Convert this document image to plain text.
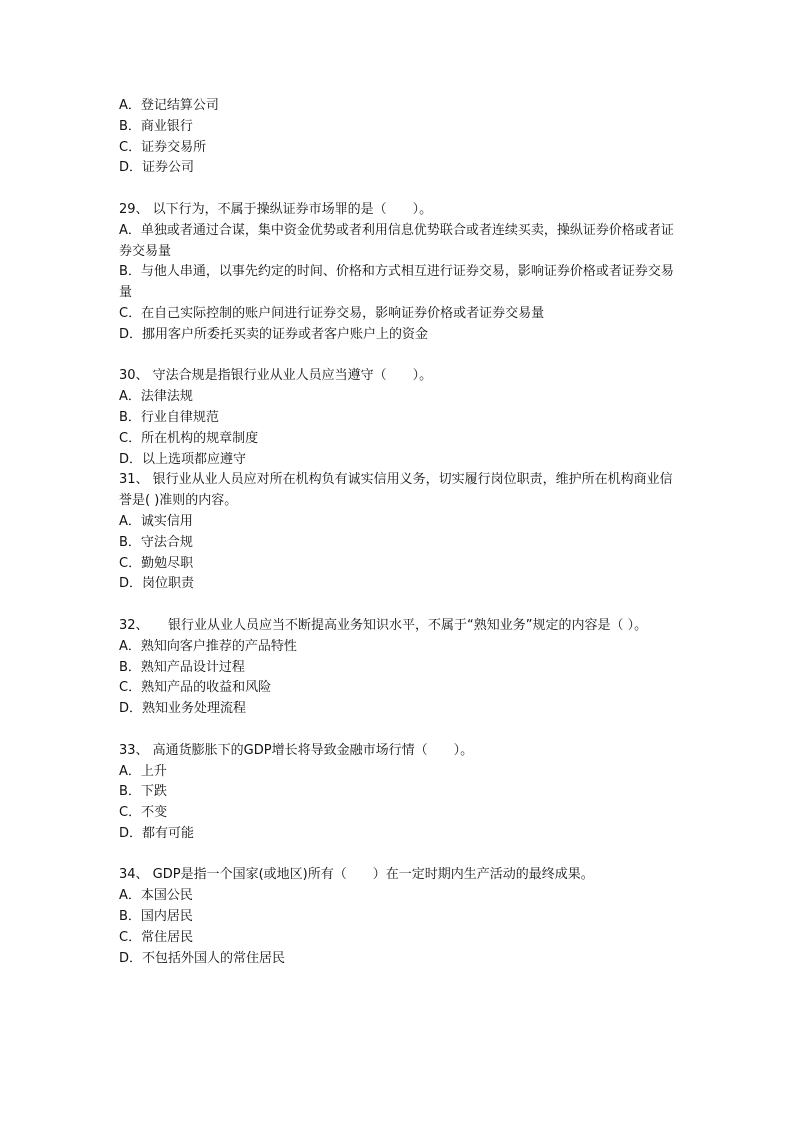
A．登记结算公司
B．商业银行
C．证券交易所
D．证券公司
29、 以下行为，不属于操纵证券市场罪的是（　　）。
A．单独或者通过合谋，集中资金优势或者利用信息优势联合或者连续买卖，操纵证券价格或者证券交易量
B．与他人串通，以事先约定的时间、价格和方式相互进行证券交易，影响证券价格或者证券交易量
C．在自己实际控制的账户间进行证券交易，影响证券价格或者证券交易量
D．挪用客户所委托买卖的证券或者客户账户上的资金
30、 守法合规是指银行业从业人员应当遵守（　　）。
A．法律法规
B．行业自律规范
C．所在机构的规章制度
D．以上选项都应遵守
31、 银行业从业人员应对所在机构负有诚实信用义务，切实履行岗位职责，维护所在机构商业信誉是( )准则的内容。
A．诚实信用
B．守法合规
C．勤勉尽职
D．岗位职责
32、　　银行业从业人员应当不断提高业务知识水平，不属于“熟知业务”规定的内容是（ ）。
A．熟知向客户推荐的产品特性
B．熟知产品设计过程
C．熟知产品的收益和风险
D．熟知业务处理流程
33、 高通货膨胀下的GDP增长将导致金融市场行情（　　）。
A．上升
B．下跌
C．不变
D．都有可能
34、 GDP是指一个国家(或地区)所有（　　）在一定时期内生产活动的最终成果。
A．本国公民
B．国内居民
C．常住居民
D．不包括外国人的常住居民
